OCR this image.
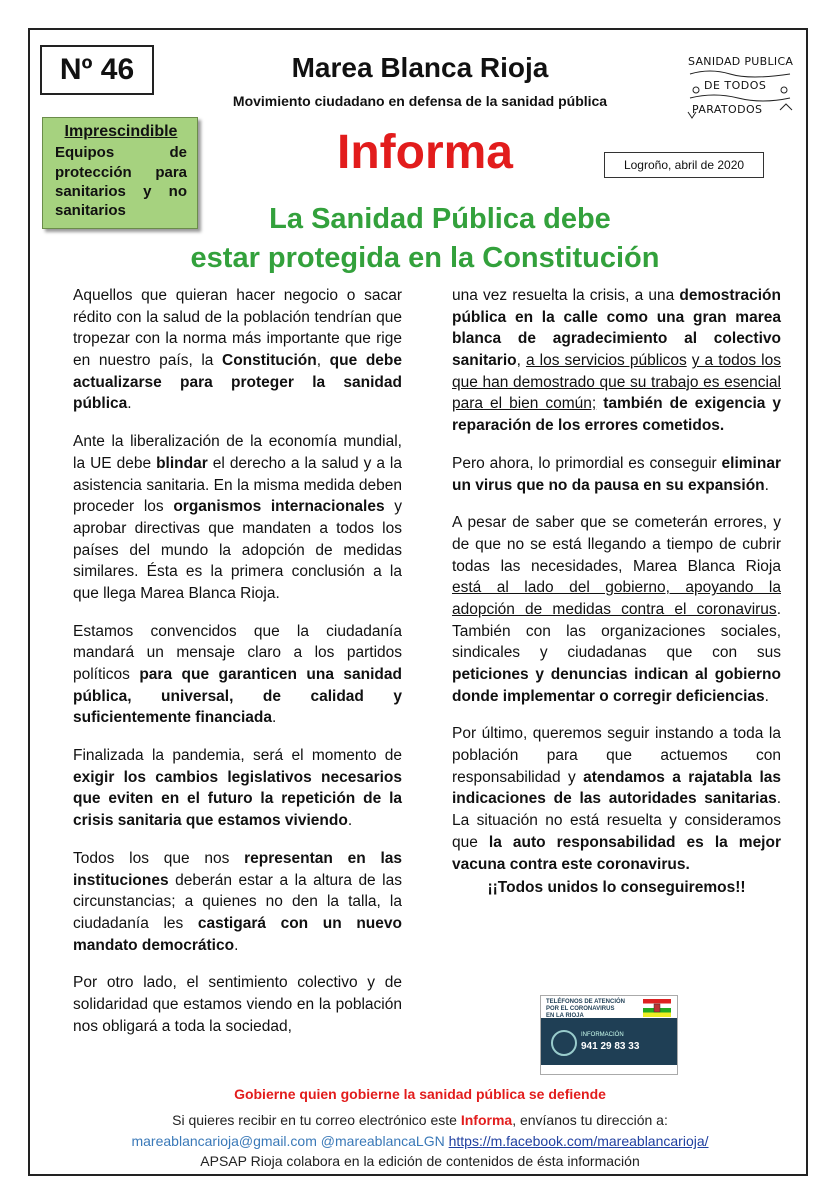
Nº 46	Marea Blanca Rioja
Movimiento ciudadano en defensa de la sanidad pública
SANIDAD PUBLICA
DE TODOS
PARATODOS
Imprescindible
Equipos de protección para sanitarios y no sanitarios
Informa	Logroño, abril de 2020
La Sanidad Pública debe
estar protegida en la Constitución

Aquellos que quieran hacer negocio o sacar rédito con la salud de la población tendrían que tropezar con la norma más importante que rige en nuestro país, la Constitución, que debe actualizarse para proteger la sanidad pública.

Ante la liberalización de la economía mundial, la UE debe blindar el derecho a la salud y a la asistencia sanitaria. En la misma medida deben proceder los organismos internacionales y aprobar directivas que mandaten a todos los países del mundo la adopción de medidas similares. Ésta es la primera conclusión a la que llega Marea Blanca Rioja.

Estamos convencidos que la ciudadanía mandará un mensaje claro a los partidos políticos para que garanticen una sanidad pública, universal, de calidad y suficientemente financiada.

Finalizada la pandemia, será el momento de exigir los cambios legislativos necesarios que eviten en el futuro la repetición de la crisis sanitaria que estamos viviendo.

Todos los que nos representan en las instituciones deberán estar a la altura de las circunstancias; a quienes no den la talla, la ciudadanía les castigará con un nuevo mandato democrático.

Por otro lado, el sentimiento colectivo y de solidaridad que estamos viendo en la población nos obligará a toda la sociedad,

una vez resuelta la crisis, a una demostración pública en la calle como una gran marea blanca de agradecimiento al colectivo sanitario, a los servicios públicos y a todos los que han demostrado que su trabajo es esencial para el bien común; también de exigencia y reparación de los errores cometidos.

Pero ahora, lo primordial es conseguir eliminar un virus que no da pausa en su expansión.

A pesar de saber que se cometerán errores, y de que no se está llegando a tiempo de cubrir todas las necesidades, Marea Blanca Rioja está al lado del gobierno, apoyando la adopción de medidas contra el coronavirus. También con las organizaciones sociales, sindicales y ciudadanas que con sus peticiones y denuncias indican al gobierno donde implementar o corregir deficiencias.

Por último, queremos seguir instando a toda la población para que actuemos con responsabilidad y atendamos a rajatabla las indicaciones de las autoridades sanitarias. La situación no está resuelta y consideramos que la auto responsabilidad es la mejor vacuna contra este coronavirus.

¡¡Todos unidos lo conseguiremos!!

TELÉFONOS DE ATENCIÓN
POR EL CORONAVIRUS
EN LA RIOJA
INFORMACIÓN
941 29 83 33
Gobierne quien gobierne la sanidad pública se defiende
Si quieres recibir en tu correo electrónico este Informa, envíanos tu dirección a:
mareablancarioja@gmail.com @mareablancaLGN https://m.facebook.com/mareablancarioja/
APSAP Rioja colabora en la edición de contenidos de ésta información
